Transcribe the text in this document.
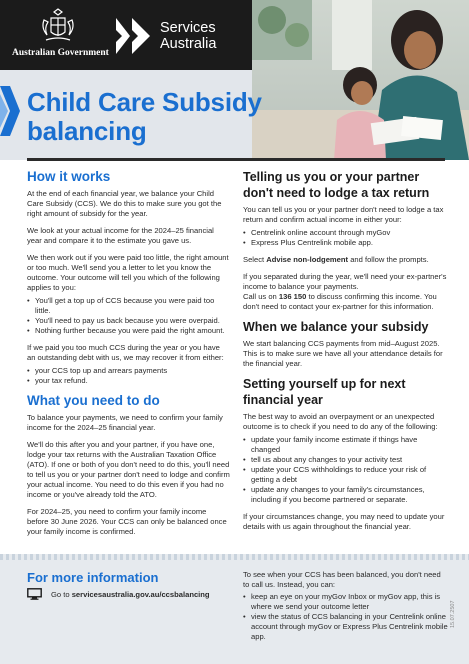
Australian Government
Services
Australia
Child Care Subsidy balancing
How it works

At the end of each financial year, we balance your Child Care Subsidy (CCS). We do this to make sure you got the right amount of subsidy for the year.

We look at your actual income for the 2024–25 financial year and compare it to the estimate you gave us.

We then work out if you were paid too little, the right amount or too much. We'll send you a letter to let you know the outcome. Your outcome will tell you which of the following applies to you:

• You'll get a top up of CCS because you were paid too little.
• You'll need to pay us back because you were overpaid.
• Nothing further because you were paid the right amount.

If we paid you too much CCS during the year or you have an outstanding debt with us, we may recover it from either:

• your CCS top up and arrears payments
• your tax refund.
What you need to do

To balance your payments, we need to confirm your family income for the 2024–25 financial year.

We'll do this after you and your partner, if you have one, lodge your tax returns with the Australian Taxation Office (ATO). If one or both of you don't need to do this, you'll need to tell us you or your partner don't need to lodge and confirm your actual income. You need to do this even if you had no income or you've already told the ATO.

For 2024–25, you need to confirm your family income before 30 June 2026. Your CCS can only be balanced once your family income is confirmed.

Telling us you or your partner don't need to lodge a tax return

You can tell us you or your partner don't need to lodge a tax return and confirm actual income in either your:

• Centrelink online account through myGov
• Express Plus Centrelink mobile app.

Select Advise non-lodgement and follow the prompts.

If you separated during the year, we'll need your ex-partner's income to balance your payments.
Call us on 136 150 to discuss confirming this income. You don't need to contact your ex-partner for this information.

When we balance your subsidy

We start balancing CCS payments from mid–August 2025. This is to make sure we have all your attendance details for the financial year.

Setting yourself up for next financial year

The best way to avoid an overpayment or an unexpected outcome is to check if you need to do any of the following:

• update your family income estimate if things have changed
• tell us about any changes to your activity test
• update your CCS withholdings to reduce your risk of getting a debt
• update any changes to your family's circumstances, including if you become partnered or separate.

If your circumstances change, you may need to update your details with us again throughout the financial year.

For more information
Go to servicesaustralia.gov.au/ccsbalancing

To see when your CCS has been balanced, you don't need to call us. Instead, you can:

• keep an eye on your myGov Inbox or myGov app, this is where we send your outcome letter
• view the status of CCS balancing in your Centrelink online account through myGov or Express Plus Centrelink mobile app.
15.07.2507
